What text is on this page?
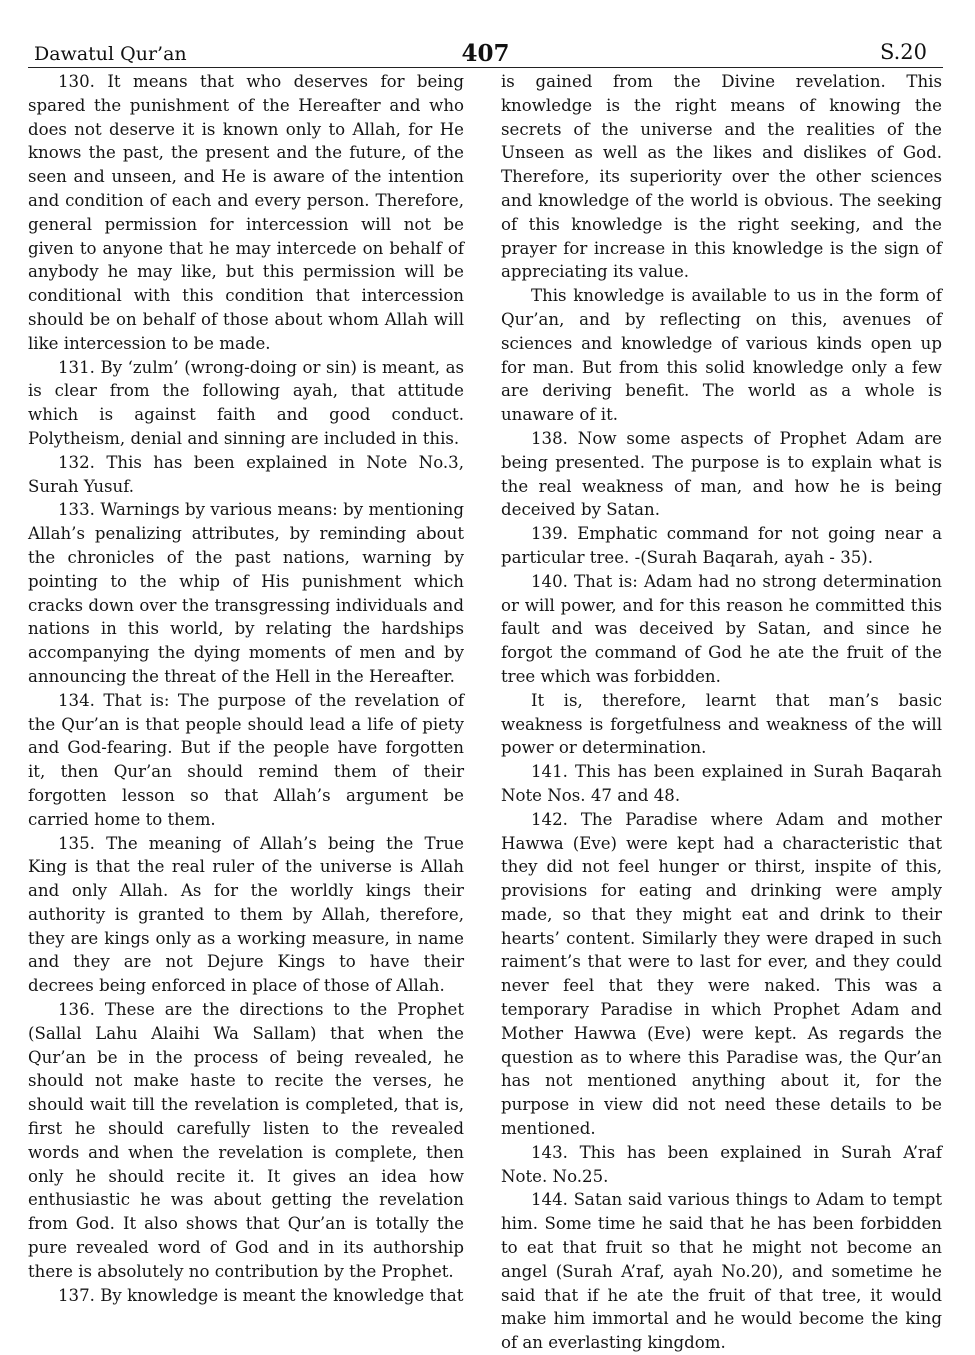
Dawatul Qur’an	407	S.20

130. It means that who deserves for being spared the punishment of the Hereafter and who does not deserve it is known only to Allah, for He knows the past, the present and the future, of the seen and unseen, and He is aware of the intention and condition of each and every person. Therefore, general permission for intercession will not be given to anyone that he may intercede on behalf of anybody he may like, but this permission will be conditional with this condition that intercession should be on behalf of those about whom Allah will like intercession to be made.

131. By ‘zulm’ (wrong-doing or sin) is meant, as is clear from the following ayah, that attitude which is against faith and good conduct. Polytheism, denial and sinning are included in this.

132. This has been explained in Note No.3, Surah Yusuf.

133. Warnings by various means: by mentioning Allah’s penalizing attributes, by reminding about the chronicles of the past nations, warning by pointing to the whip of His punishment which cracks down over the transgressing individuals and nations in this world, by relating the hardships accompanying the dying moments of men and by announcing the threat of the Hell in the Hereafter.

134. That is: The purpose of the revelation of the Qur’an is that people should lead a life of piety and God-fearing. But if the people have forgotten it, then Qur’an should remind them of their forgotten lesson so that Allah’s argument be carried home to them.

135. The meaning of Allah’s being the True King is that the real ruler of the universe is Allah and only Allah. As for the worldly kings their authority is granted to them by Allah, therefore, they are kings only as a working measure, in name and they are not Dejure Kings to have their decrees being enforced in place of those of Allah.

136. These are the directions to the Prophet (Sallal Lahu Alaihi Wa Sallam) that when the Qur’an be in the process of being revealed, he should not make haste to recite the verses, he should wait till the revelation is completed, that is, first he should carefully listen to the revealed words and when the revelation is complete, then only he should recite it. It gives an idea how enthusiastic he was about getting the revelation from God. It also shows that Qur’an is totally the pure revealed word of God and in its authorship there is absolutely no contribution by the Prophet.

137. By knowledge is meant the knowledge that

is gained from the Divine revelation. This knowledge is the right means of knowing the secrets of the universe and the realities of the Unseen as well as the likes and dislikes of God. Therefore, its superiority over the other sciences and knowledge of the world is obvious. The seeking of this knowledge is the right seeking, and the prayer for increase in this knowledge is the sign of appreciating its value.

This knowledge is available to us in the form of Qur’an, and by reflecting on this, avenues of sciences and knowledge of various kinds open up for man. But from this solid knowledge only a few are deriving benefit. The world as a whole is unaware of it.

138. Now some aspects of Prophet Adam are being presented. The purpose is to explain what is the real weakness of man, and how he is being deceived by Satan.

139. Emphatic command for not going near a particular tree. -(Surah Baqarah, ayah - 35).

140. That is: Adam had no strong determination or will power, and for this reason he committed this fault and was deceived by Satan, and since he forgot the command of God he ate the fruit of the tree which was forbidden.

It is, therefore, learnt that man’s basic weakness is forgetfulness and weakness of the will power or determination.

141. This has been explained in Surah Baqarah Note Nos. 47 and 48.

142. The Paradise where Adam and mother Hawwa (Eve) were kept had a characteristic that they did not feel hunger or thirst, inspite of this, provisions for eating and drinking were amply made, so that they might eat and drink to their hearts’ content. Similarly they were draped in such raiment’s that were to last for ever, and they could never feel that they were naked. This was a temporary Paradise in which Prophet Adam and Mother Hawwa (Eve) were kept. As regards the question as to where this Paradise was, the Qur’an has not mentioned anything about it, for the purpose in view did not need these details to be mentioned.

143. This has been explained in Surah A’raf Note. No.25.

144. Satan said various things to Adam to tempt him. Some time he said that he has been forbidden to eat that fruit so that he might not become an angel (Surah A’raf, ayah No.20), and sometime he said that if he ate the fruit of that tree, it would make him immortal and he would become the king of an everlasting kingdom.
